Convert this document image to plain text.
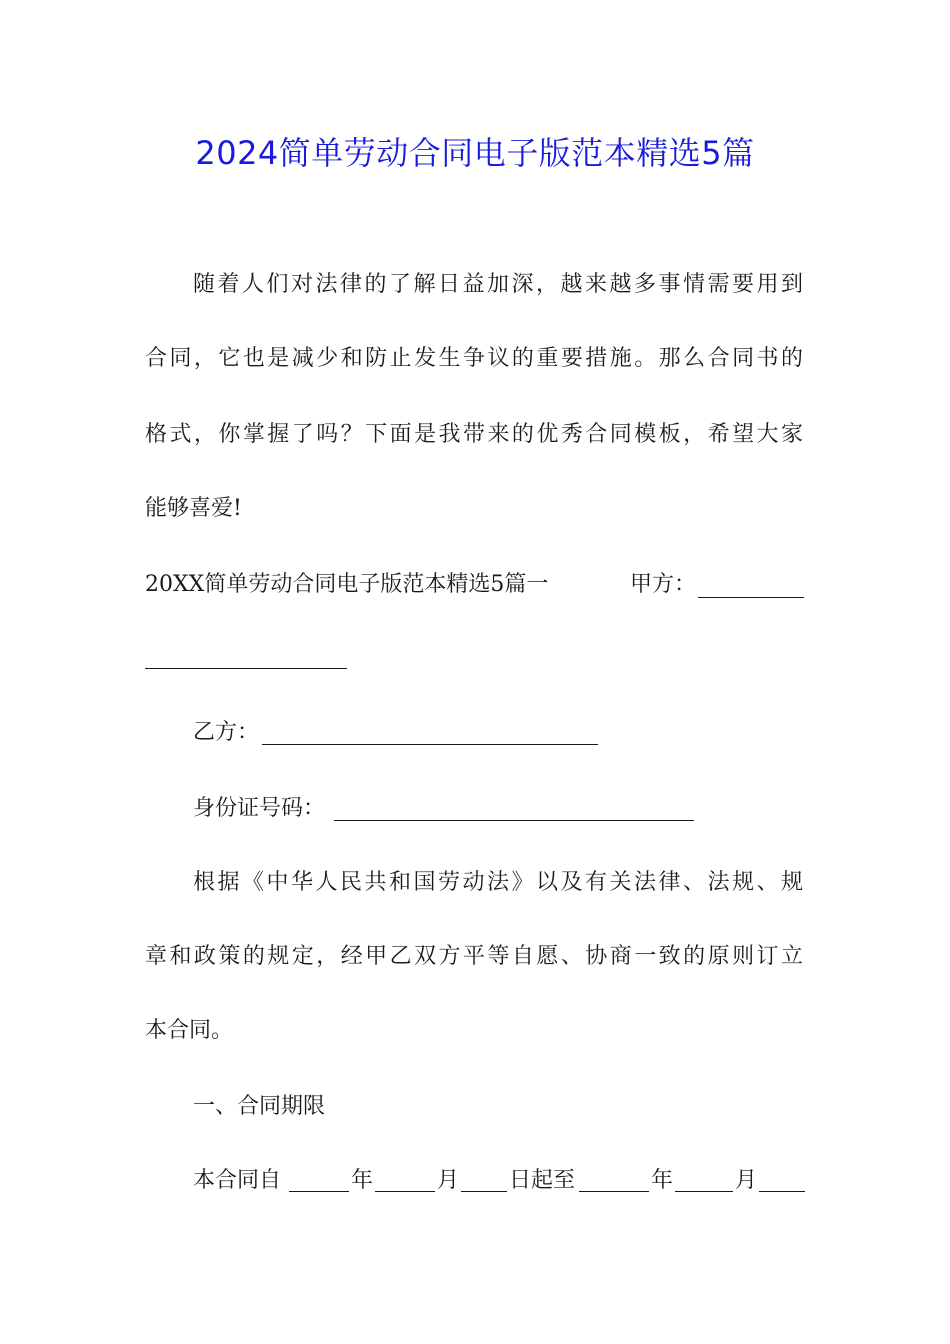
2024简单劳动合同电子版范本精选5篇
随着人们对法律的了解日益加深，越来越多事情需要用到
合同，它也是减少和防止发生争议的重要措施。那么合同书的
格式，你掌握了吗？下面是我带来的优秀合同模板，希望大家
能够喜爱!
20XX简单劳动合同电子版范本精选5篇一	甲方：
乙方：
身份证号码：
根据《中华人民共和国劳动法》以及有关法律、法规、规
章和政策的规定，经甲乙双方平等自愿、协商一致的原则订立
本合同。
一、合同期限
本合同自	年	月 日起至	年	月
